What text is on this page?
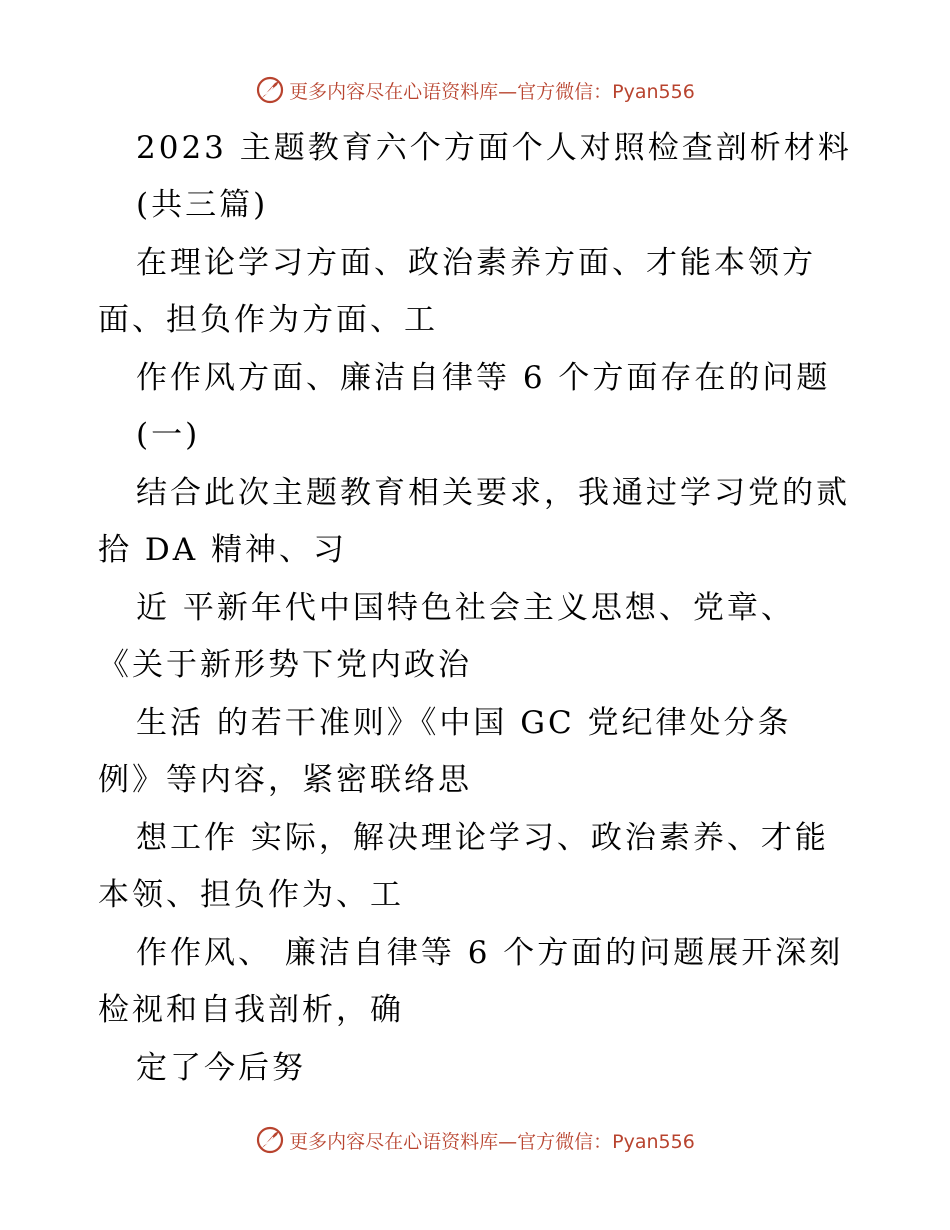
更多内容尽在心语资料库—官方微信：Pyan556
2023 主题教育六个方面个人对照检查剖析材料
(共三篇)
在理论学习方面、政治素养方面、才能本领方
面、担负作为方面、工
作作风方面、廉洁自律等 6 个方面存在的问题
(一)
结合此次主题教育相关要求，我通过学习党的贰
拾 DA 精神、习
近 平新年代中国特色社会主义思想、党章、
《关于新形势下党内政治
生活 的若干准则》《中国 GC 党纪律处分条
例》等内容，紧密联络思
想工作 实际，解决理论学习、政治素养、才能
本领、担负作为、工
作作风、 廉洁自律等 6 个方面的问题展开深刻
检视和自我剖析，确
定了今后努
更多内容尽在心语资料库—官方微信：Pyan556
